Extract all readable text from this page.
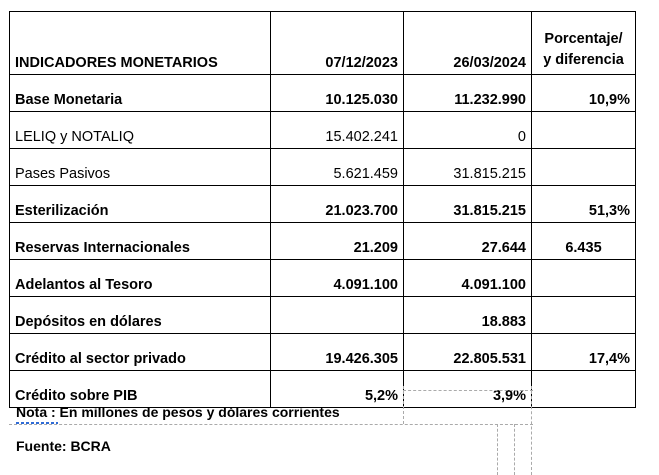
INDICADORES MONETARIOS	07/12/2023	26/03/2024	Porcentaje/
y diferencia
Base Monetaria	10.125.030	11.232.990	10,9%
LELIQ y NOTALIQ	15.402.241	0	
Pases Pasivos	5.621.459	31.815.215	
Esterilización	21.023.700	31.815.215	51,3%
Reservas Internacionales	21.209	27.644	6.435
Adelantos al Tesoro	4.091.100	4.091.100	
Depósitos en dólares		18.883	
Crédito al sector privado	19.426.305	22.805.531	17,4%
Crédito sobre PIB	5,2%	3,9%	
Nota : En millones de pesos y dólares corrientes
Fuente: BCRA
